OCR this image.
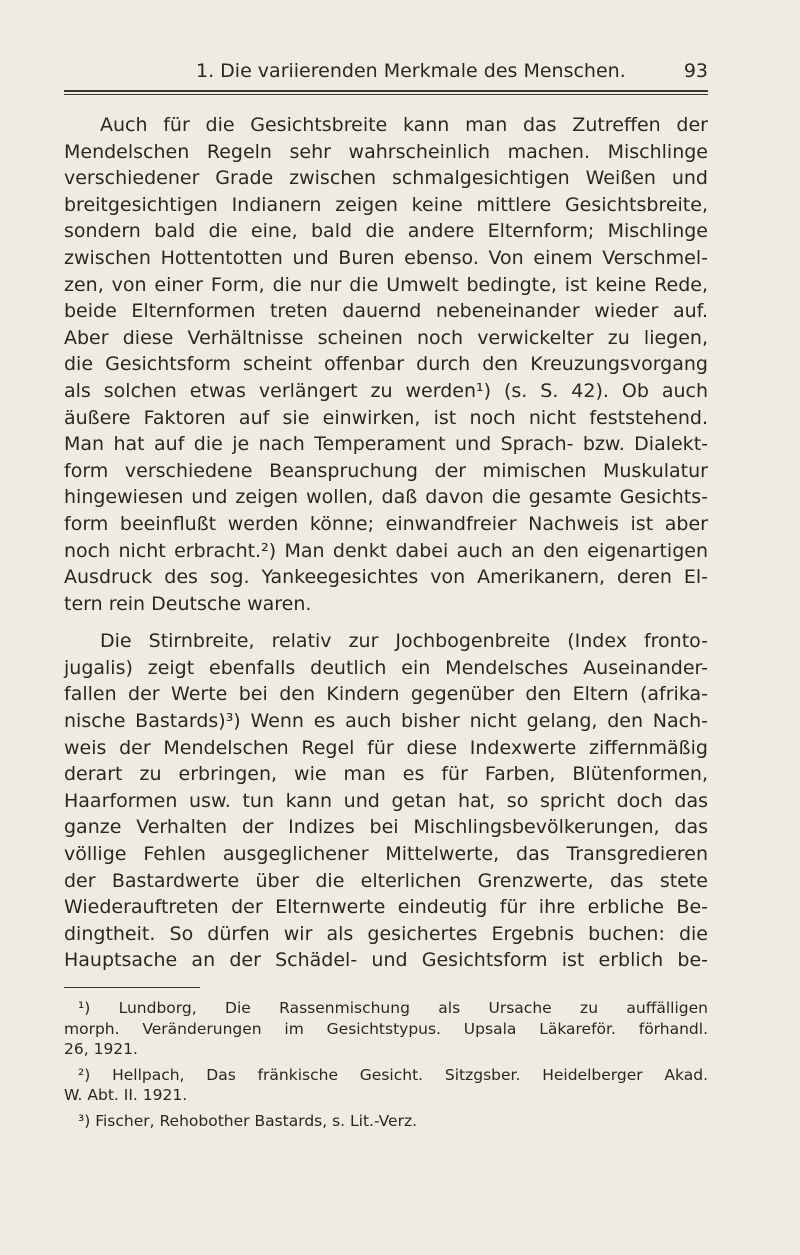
1. Die variierenden Merkmale des Menschen.	93
Auch für die Gesichtsbreite kann man das Zutreffen der
Mendelschen Regeln sehr wahrscheinlich machen. Mischlinge
verschiedener Grade zwischen schmalgesichtigen Weißen und
breitgesichtigen Indianern zeigen keine mittlere Gesichtsbreite,
sondern bald die eine, bald die andere Elternform; Mischlinge
zwischen Hottentotten und Buren ebenso. Von einem Verschmel-
zen, von einer Form, die nur die Umwelt bedingte, ist keine Rede,
beide Elternformen treten dauernd nebeneinander wieder auf.
Aber diese Verhältnisse scheinen noch verwickelter zu liegen,
die Gesichtsform scheint offenbar durch den Kreuzungsvorgang
als solchen etwas verlängert zu werden¹) (s. S. 42). Ob auch
äußere Faktoren auf sie einwirken, ist noch nicht feststehend.
Man hat auf die je nach Temperament und Sprach- bzw. Dialekt-
form verschiedene Beanspruchung der mimischen Muskulatur
hingewiesen und zeigen wollen, daß davon die gesamte Gesichts-
form beeinflußt werden könne; einwandfreier Nachweis ist aber
noch nicht erbracht.²) Man denkt dabei auch an den eigenartigen
Ausdruck des sog. Yankeegesichtes von Amerikanern, deren El-
tern rein Deutsche waren.
Die Stirnbreite, relativ zur Jochbogenbreite (Index fronto-
jugalis) zeigt ebenfalls deutlich ein Mendelsches Auseinander-
fallen der Werte bei den Kindern gegenüber den Eltern (afrika-
nische Bastards)³) Wenn es auch bisher nicht gelang, den Nach-
weis der Mendelschen Regel für diese Indexwerte ziffernmäßig
derart zu erbringen, wie man es für Farben, Blütenformen,
Haarformen usw. tun kann und getan hat, so spricht doch das
ganze Verhalten der Indizes bei Mischlingsbevölkerungen, das
völlige Fehlen ausgeglichener Mittelwerte, das Transgredieren
der Bastardwerte über die elterlichen Grenzwerte, das stete
Wiederauftreten der Elternwerte eindeutig für ihre erbliche Be-
dingtheit. So dürfen wir als gesichertes Ergebnis buchen: die
Hauptsache an der Schädel- und Gesichtsform ist erblich be-
¹) Lundborg, Die Rassenmischung als Ursache zu auffälligen
morph. Veränderungen im Gesichtstypus. Upsala Läkareför. förhandl.
26, 1921.
²) Hellpach, Das fränkische Gesicht. Sitzgsber. Heidelberger Akad.
W. Abt. II. 1921.
³) Fischer, Rehobother Bastards, s. Lit.-Verz.
